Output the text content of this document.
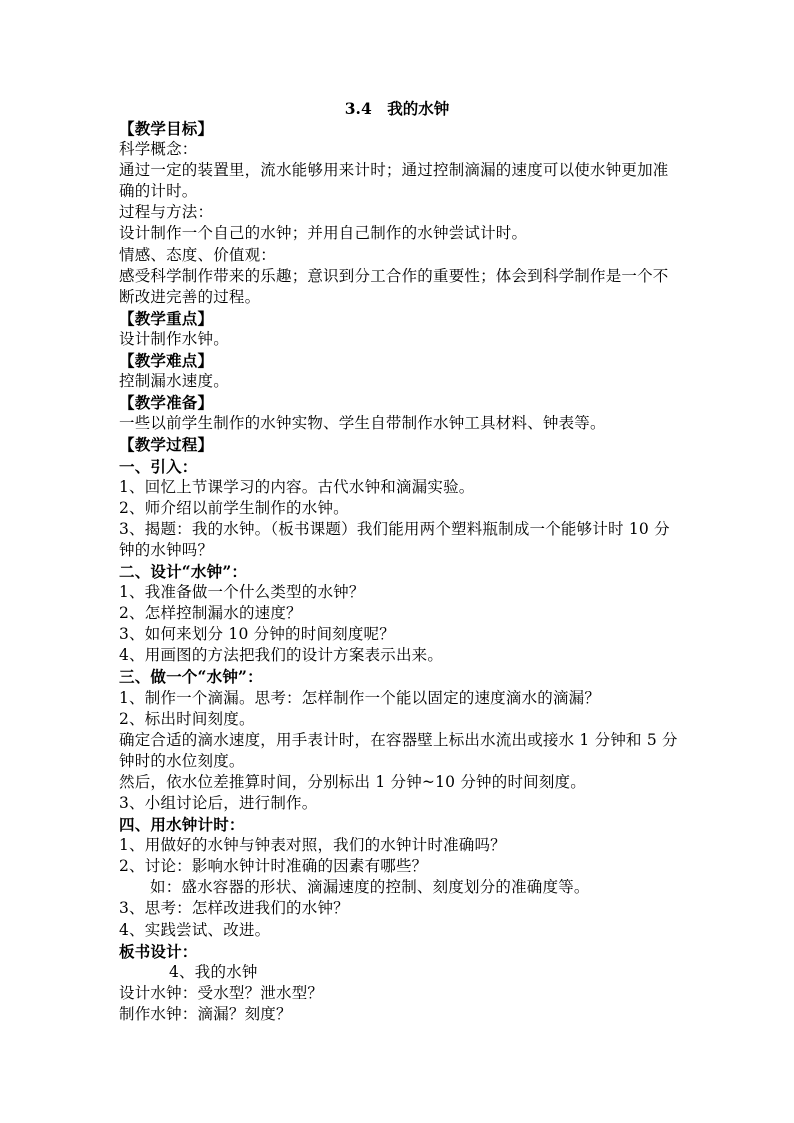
3.4　我的水钟
【教学目标】
科学概念：
通过一定的装置里，流水能够用来计时；通过控制滴漏的速度可以使水钟更加准
确的计时。
过程与方法：
设计制作一个自己的水钟；并用自己制作的水钟尝试计时。
情感、态度、价值观：
感受科学制作带来的乐趣；意识到分工合作的重要性；体会到科学制作是一个不
断改进完善的过程。
【教学重点】
设计制作水钟。
【教学难点】
控制漏水速度。
【教学准备】
一些以前学生制作的水钟实物、学生自带制作水钟工具材料、钟表等。
【教学过程】
一、引入：
1、回忆上节课学习的内容。古代水钟和滴漏实验。
2、师介绍以前学生制作的水钟。
3、揭题：我的水钟。（板书课题）我们能用两个塑料瓶制成一个能够计时 10 分
钟的水钟吗？
二、设计“水钟”：
1、我准备做一个什么类型的水钟？
2、怎样控制漏水的速度？
3、如何来划分 10 分钟的时间刻度呢？
4、用画图的方法把我们的设计方案表示出来。
三、做一个“水钟”：
1、制作一个滴漏。思考：怎样制作一个能以固定的速度滴水的滴漏？
2、标出时间刻度。
确定合适的滴水速度，用手表计时，在容器壁上标出水流出或接水 1 分钟和 5 分
钟时的水位刻度。
然后，依水位差推算时间，分别标出 1 分钟~10 分钟的时间刻度。
3、小组讨论后，进行制作。
四、用水钟计时：
1、用做好的水钟与钟表对照，我们的水钟计时准确吗？
2、讨论：影响水钟计时准确的因素有哪些？
如：盛水容器的形状、滴漏速度的控制、刻度划分的准确度等。
3、思考：怎样改进我们的水钟？
4、实践尝试、改进。
板书设计：
4、我的水钟
设计水钟：受水型？泄水型？
制作水钟：滴漏？刻度？
